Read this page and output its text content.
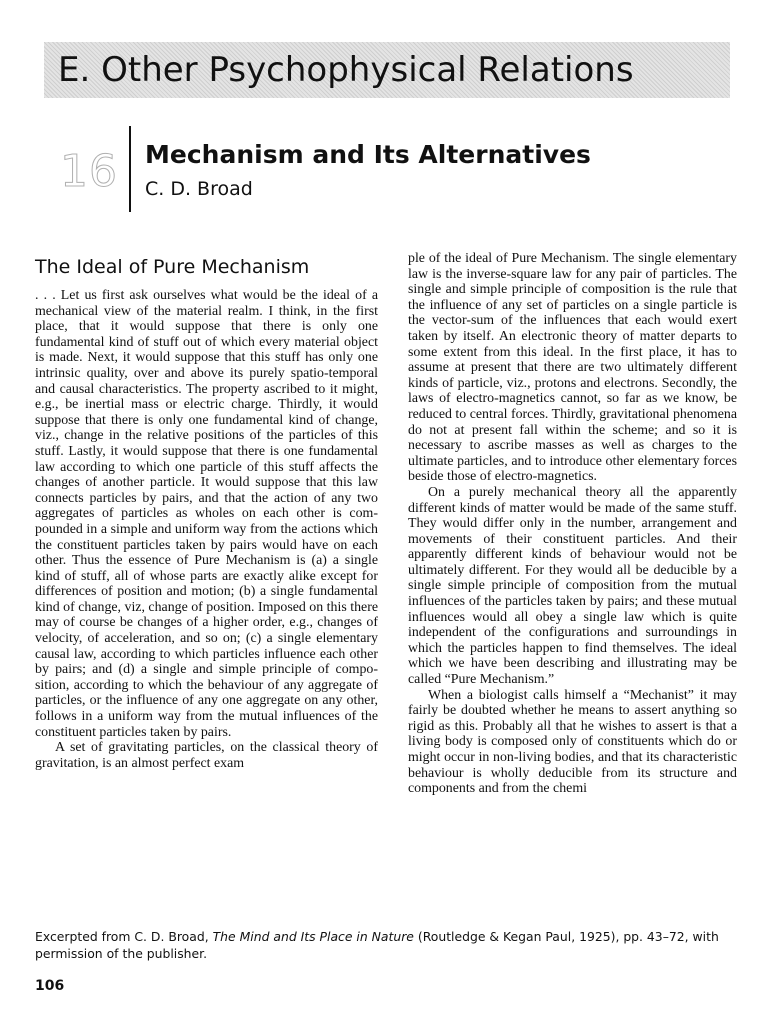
E. Other Psychophysical Relations
16 Mechanism and Its Alternatives
C. D. Broad
The Ideal of Pure Mechanism

. . . Let us first ask ourselves what would be the ideal of a mechanical view of the material realm. I think, in the first place, that it would suppose that there is only one fundamental kind of stuff out of which every material object is made. Next, it would suppose that this stuff has only one intrinsic quality, over and above its purely spatio-temporal and causal characteristics. The property ascribed to it might, e.g., be inertial mass or electric charge. Thirdly, it would suppose that there is only one fundamental kind of change, viz., change in the relative positions of the particles of this stuff. Lastly, it would suppose that there is one fundamental law according to which one particle of this stuff affects the changes of another particle. It would suppose that this law connects particles by pairs, and that the action of any two aggregates of particles as wholes on each other is compounded in a simple and uniform way from the actions which the constituent particles taken by pairs would have on each other. Thus the essence of Pure Mechanism is (a) a single kind of stuff, all of whose parts are exactly alike except for differences of position and motion; (b) a single fundamental kind of change, viz, change of position. Imposed on this there may of course be changes of a higher order, e.g., changes of velocity, of acceleration, and so on; (c) a single elementary causal law, according to which particles influence each other by pairs; and (d) a single and simple principle of composition, according to which the behaviour of any aggregate of particles, or the influence of any one aggregate on any other, follows in a uniform way from the mutual influences of the constituent particles taken by pairs.

A set of gravitating particles, on the classical theory of gravitation, is an almost perfect exam

ple of the ideal of Pure Mechanism. The single elementary law is the inverse-square law for any pair of particles. The single and simple principle of composition is the rule that the influence of any set of particles on a single particle is the vector-sum of the influences that each would exert taken by itself. An electronic theory of matter departs to some extent from this ideal. In the first place, it has to assume at present that there are two ultimately different kinds of particle, viz., protons and electrons. Secondly, the laws of electro-magnetics cannot, so far as we know, be reduced to central forces. Thirdly, gravitational phenomena do not at present fall within the scheme; and so it is necessary to ascribe masses as well as charges to the ultimate particles, and to introduce other elementary forces beside those of electro-magnetics.

On a purely mechanical theory all the apparently different kinds of matter would be made of the same stuff. They would differ only in the number, arrangement and movements of their constituent particles. And their apparently different kinds of behaviour would not be ultimately different. For they would all be deducible by a single simple principle of composition from the mutual influences of the particles taken by pairs; and these mutual influences would all obey a single law which is quite independent of the configurations and surroundings in which the particles happen to find themselves. The ideal which we have been describing and illustrating may be called “Pure Mechanism.”

When a biologist calls himself a “Mechanist” it may fairly be doubted whether he means to assert anything so rigid as this. Probably all that he wishes to assert is that a living body is composed only of constituents which do or might occur in non-living bodies, and that its characteristic behaviour is wholly deducible from its structure and components and from the chemi

Excerpted from C. D. Broad, The Mind and Its Place in Nature (Routledge & Kegan Paul, 1925), pp. 43–72, with permission of the publisher.

106
